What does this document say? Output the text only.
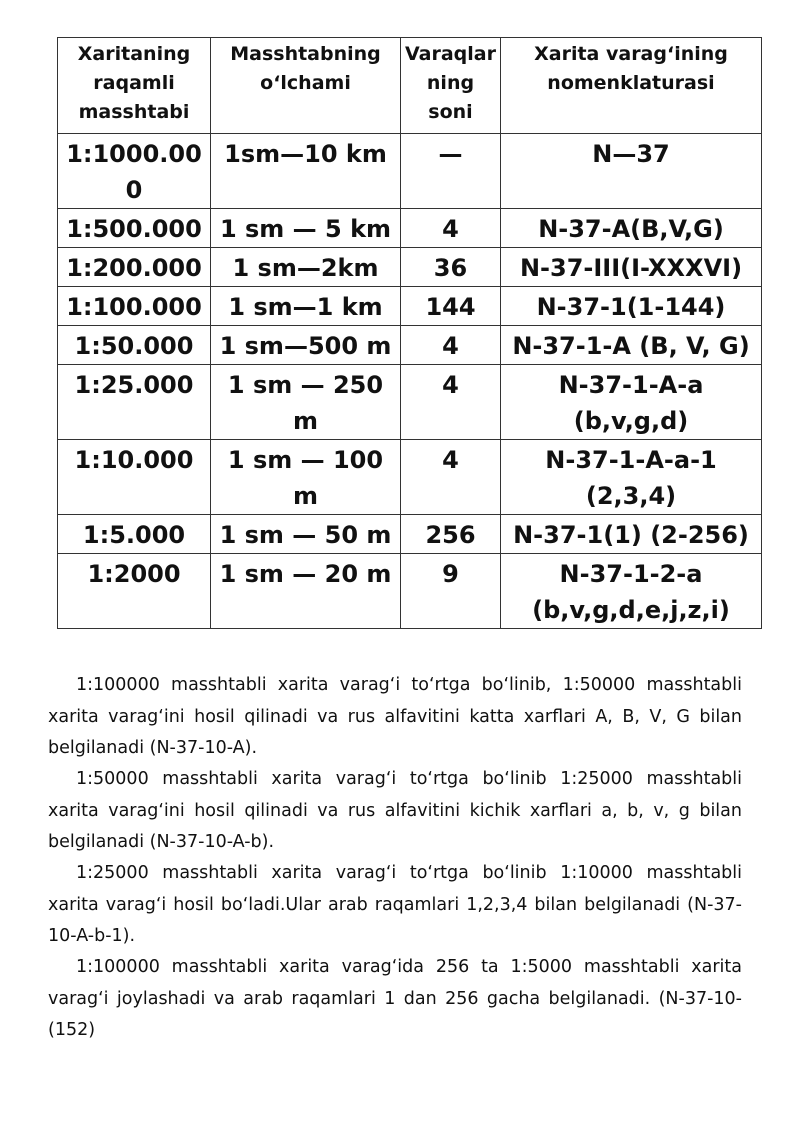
Xaritaning raqamli masshtabi	Masshtabning o‘lchami	Varaqlar ning soni	Xarita varag‘ining nomenklaturasi
1:1000.000	1sm—10 km	—	N—37
1:500.000	1 sm — 5 km	4	N-37-A(B,V,G)
1:200.000	1 sm—2km	36	N-37-III(I-XXXVI)
1:100.000	1 sm—1 km	144	N-37-1(1-144)
1:50.000	1 sm—500 m	4	N-37-1-A (B, V, G)
1:25.000	1 sm — 250 m	4	N-37-1-A-a (b,v,g,d)
1:10.000	1 sm — 100 m	4	N-37-1-A-a-1 (2,3,4)
1:5.000	1 sm — 50 m	256	N-37-1(1) (2-256)
1:2000	1 sm — 20 m	9	N-37-1-2-a (b,v,g,d,e,j,z,i)

1:100000 masshtabli xarita varag‘i to‘rtga bo‘linib, 1:50000 masshtabli xarita varag‘ini hosil qilinadi va rus alfavitini katta xarflari A, B, V, G bilan belgilanadi (N-37-10-A).

1:50000 masshtabli xarita varag‘i to‘rtga bo‘linib 1:25000 masshtabli xarita varag‘ini hosil qilinadi va rus alfavitini kichik xarflari a, b, v, g bilan belgilanadi (N-37-10-A-b).

1:25000 masshtabli xarita varag‘i to‘rtga bo‘linib 1:10000 masshtabli xarita varag‘i hosil bo‘ladi.Ular arab raqamlari 1,2,3,4 bilan belgilanadi (N-37-10-A-b-1).

1:100000 masshtabli xarita varag‘ida 256 ta 1:5000 masshtabli xarita varag‘i joylashadi va arab raqamlari 1 dan 256 gacha belgilanadi. (N-37-10-(152)
